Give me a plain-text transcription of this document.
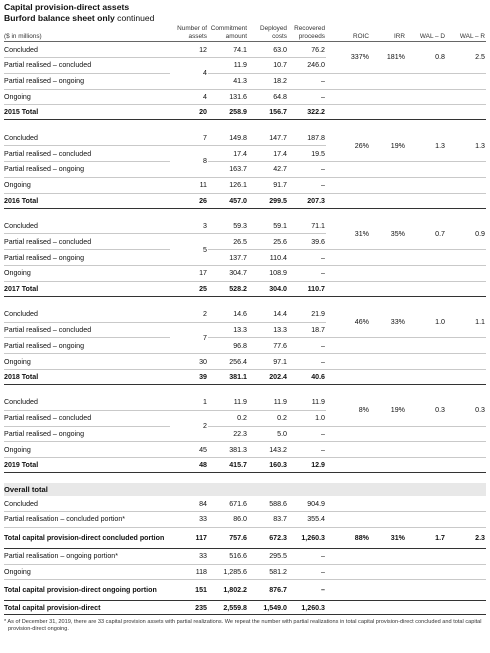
Capital provision-direct assets
Burford balance sheet only continued
($ in millions)	Number of assets	Commitment amount	Deployed costs	Recovered proceeds	ROIC	IRR	WAL – D	WAL – R
Concluded	12	74.1	63.0	76.2	337%	181%	0.8	2.5
Partial realised – concluded	4	11.9	10.7	246.0				
Partial realised – ongoing		41.3	18.2	–				
Ongoing	4	131.6	64.8	–				
2015 Total	20	258.9	156.7	322.2				

Concluded	7	149.8	147.7	187.8	26%	19%	1.3	1.3
Partial realised – concluded	8	17.4	17.4	19.5				
Partial realised – ongoing		163.7	42.7	–				
Ongoing	11	126.1	91.7	–				
2016 Total	26	457.0	299.5	207.3				

Concluded	3	59.3	59.1	71.1	31%	35%	0.7	0.9
Partial realised – concluded	5	26.5	25.6	39.6				
Partial realised – ongoing		137.7	110.4	–				
Ongoing	17	304.7	108.9	–				
2017 Total	25	528.2	304.0	110.7				

Concluded	2	14.6	14.4	21.9	46%	33%	1.0	1.1
Partial realised – concluded	7	13.3	13.3	18.7				
Partial realised – ongoing		96.8	77.6	–				
Ongoing	30	256.4	97.1	–				
2018 Total	39	381.1	202.4	40.6				

Concluded	1	11.9	11.9	11.9	8%	19%	0.3	0.3
Partial realised – concluded	2	0.2	0.2	1.0				
Partial realised – ongoing		22.3	5.0	–				
Ongoing	45	381.3	143.2	–				
2019 Total	48	415.7	160.3	12.9				

Overall total								
Concluded	84	671.6	588.6	904.9				
Partial realisation – concluded portion*	33	86.0	83.7	355.4				
Total capital provision-direct concluded portion	117	757.6	672.3	1,260.3	88%	31%	1.7	2.3
Partial realisation – ongoing portion*	33	516.6	295.5	–				
Ongoing	118	1,285.6	581.2	–				
Total capital provision-direct ongoing portion	151	1,802.2	876.7	–				
Total capital provision-direct	235	2,559.8	1,549.0	1,260.3				
* As of December 31, 2019, there are 33 capital provision assets with partial realizations. We repeat the number with partial realizations in total capital provision-direct concluded and total capital provision-direct ongoing.
